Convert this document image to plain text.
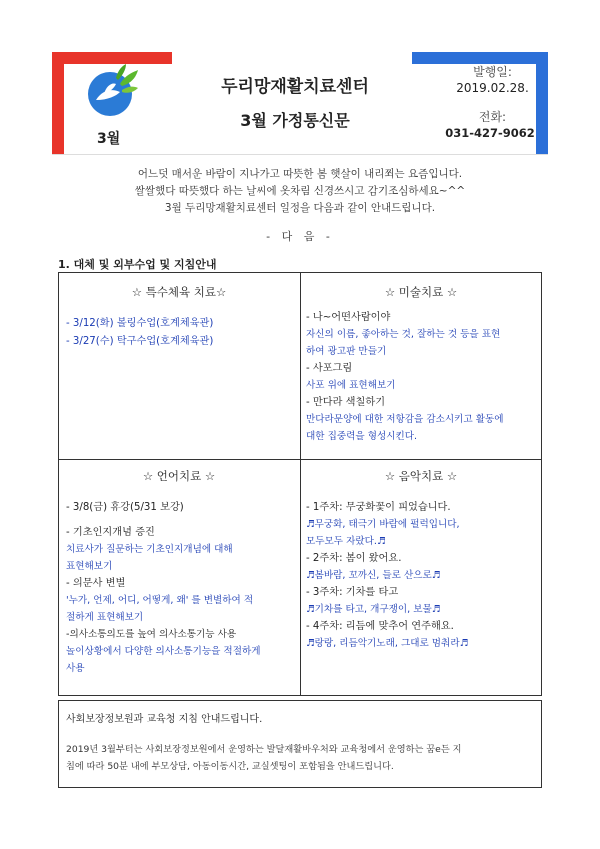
3월
두리망재활치료센터
3월 가정통신문
발행일:
2019.02.28.
전화:
031-427-9062
어느덧 매서운 바람이 지나가고 따뜻한 봄 햇살이 내리쬐는 요즘입니다.
쌀쌀했다 따뜻했다 하는 날씨에 옷차림 신경쓰시고 감기조심하세요~^^
3월 두리망재활치료센터 일정을 다음과 같이 안내드립니다.
- 다 음 -
1. 대체 및 외부수업 및 지침안내
☆ 특수체육 치료☆
- 3/12(화) 볼링수업(호계체육관)
- 3/27(수) 탁구수업(호계체육관)
☆ 미술치료 ☆
- 나~어떤사람이야
자신의 이름, 좋아하는 것, 잘하는 것 등을 표현
하여 광고판 만들기
- 사포그림
사포 위에 표현해보기
- 만다라 색칠하기
만다라문양에 대한 저항감을 감소시키고 활동에
대한 집중력을 형성시킨다.
☆ 언어치료 ☆
- 3/8(금) 휴강(5/31 보강)
- 기초인지개념 증진
치료사가 질문하는 기초인지개념에 대해
표현해보기
- 의문사 변별
'누가, 언제, 어디, 어떻게, 왜' 를 변별하여 적
절하게 표현해보기
-의사소통의도를 높여 의사소통기능 사용
놀이상황에서 다양한 의사소통기능을 적절하게
사용
☆ 음악치료 ☆
- 1주차: 무궁화꽃이 피었습니다.
♬무궁화, 태극기 바람에 펄럭입니다,
모두모두 자랐다.♬
- 2주차: 봄이 왔어요.
♬봄바람, 꼬까신, 들로 산으로♬
- 3주차: 기차를 타고
♬기차를 타고, 개구쟁이, 보물♬
- 4주차: 리듬에 맞추어 연주해요.
♬랑랑, 리듬악기노래, 그대로 멈춰라♬
사회보장정보원과 교육청 지침 안내드립니다.
2019년 3월부터는 사회보장정보원에서 운영하는 발달재활바우처와 교육청에서 운영하는 꿈e든 지
침에 따라 50분 내에 부모상담, 아동이동시간, 교실셋팅이 포함됨을 안내드립니다.
